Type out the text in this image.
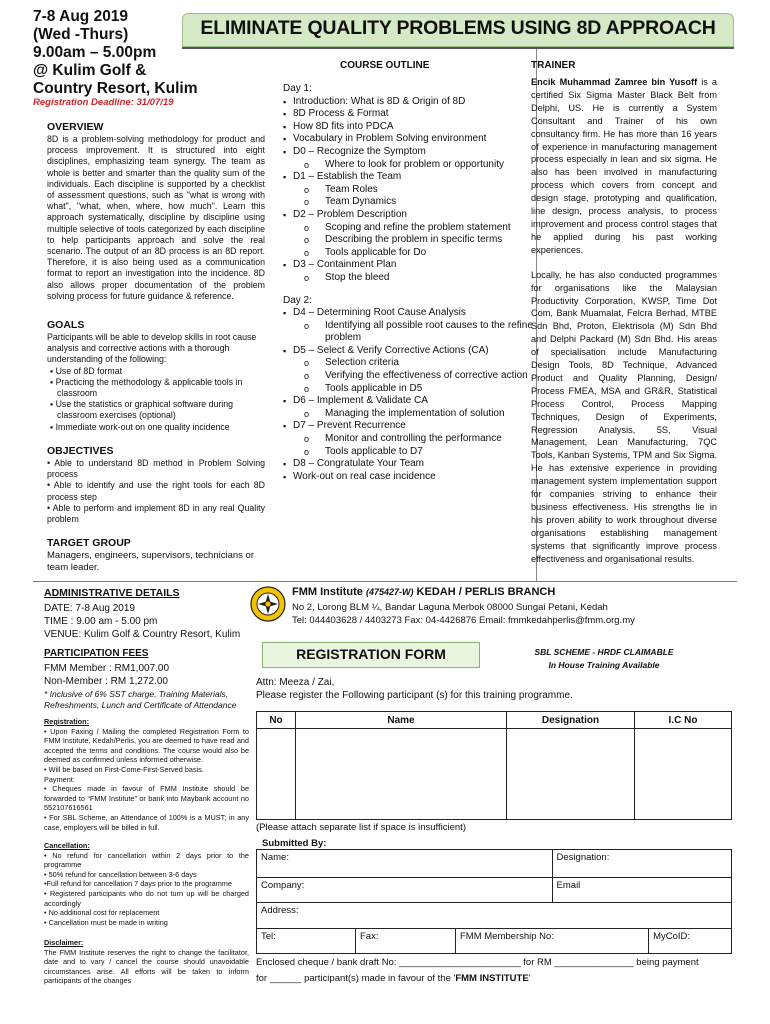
7-8 Aug 2019
(Wed -Thurs)
9.00am – 5.00pm
@ Kulim Golf &
Country Resort, Kulim
Registration Deadline: 31/07/19
ELIMINATE QUALITY PROBLEMS USING 8D APPROACH
OVERVIEW
8D is a problem-solving methodology for product and process improvement. It is structured into eight disciplines, emphasizing team synergy. The team as whole is better and smarter than the quality sum of the individuals. Each discipline is supported by a checklist of assessment questions, such as "what is wrong with what", "what, when, where, how much". Learn this approach systematically, discipline by discipline using multiple selective of tools categorized by each discipline to help participants approach and solve the real scenario. The output of an 8D process is an 8D report. Therefore, it is also being used as a communication format to report an investigation into the incidence. 8D also allows proper documentation of the problem solving process for future guidance & reference.
GOALS
Participants will be able to develop skills in root cause analysis and corrective actions with a thorough understanding of the following:
▪ Use of 8D format
▪ Practicing the methodology & applicable tools in classroom
▪ Use the statistics or graphical software during classroom exercises (optional)
▪ Immediate work-out on one quality incidence
OBJECTIVES
• Able to understand 8D method in Problem Solving process
• Able to identify and use the right tools for each 8D process step
• Able to perform and implement 8D in any real Quality problem
TARGET GROUP
Managers, engineers, supervisors, technicians or team leader.
COURSE OUTLINE
Day 1:
▪ Introduction: What is 8D & Origin of 8D
▪ 8D Process & Format
▪ How 8D fits into PDCA
▪ Vocabulary in Problem Solving environment
▪ D0 – Recognize the Symptom
o Where to look for problem or opportunity
▪ D1 – Establish the Team
o Team Roles
o Team Dynamics
▪ D2 – Problem Description
o Scoping and refine the problem statement
o Describing the problem in specific terms
o Tools applicable for Do
▪ D3 – Containment Plan
o Stop the bleed
Day 2:
▪ D4 – Determining Root Cause Analysis
o Identifying all possible root causes to the refine problem
▪ D5 – Select & Verify Corrective Actions (CA)
o Selection criteria
o Verifying the effectiveness of corrective action
o Tools applicable in D5
▪ D6 – Implement & Validate CA
o Managing the implementation of solution
▪ D7 – Prevent Recurrence
o Monitor and controlling the performance
o Tools applicable to D7
▪ D8 – Congratulate Your Team
▪ Work-out on real case incidence
TRAINER

Encik Muhammad Zamree bin Yusoff is a certified Six Sigma Master Black Belt from Delphi, US. He is currently a System Consultant and Trainer of his own consultancy firm. He has more than 16 years of experience in manufacturing management process especially in lean and six sigma. He also has been involved in manufacturing process which covers from concept and design stage, prototyping and qualification, line design, process analysis, to process improvement and process control stages that he applied during his past working experiences.

Locally, he has also conducted programmes for organisations like the Malaysian Productivity Corporation, KWSP, Time Dot Com, Bank Muamalat, Felcra Berhad, MTBE Sdn Bhd, Proton, Elektrisola (M) Sdn Bhd and Delphi Packard (M) Sdn Bhd. His areas of specialisation include Manufacturing Design Tools, 8D Technique, Advanced Product and Quality Planning, Design/ Process FMEA, MSA and GR&R, Statistical Process Control, Process Mapping Techniques, Design of Experiments, Regression Analysis, 5S, Visual Management, Lean Manufacturing, 7QC Tools, Kanban Systems, TPM and Six Sigma. He has extensive experience in providing management system implementation support for companies striving to enhance their business effectiveness. His strengths lie in his proven ability to work throughout diverse organisations establishing management systems that significantly improve process effectiveness and organisational results.

ADMINISTRATIVE DETAILS
DATE: 7-8 Aug 2019
TIME : 9.00 am - 5.00 pm
VENUE: Kulim Golf & Country Resort, Kulim
PARTICIPATION FEES
FMM Member : RM1,007.00
Non-Member : RM 1,272.00
* Inclusive of 6% SST charge, Training Materials, Refreshments, Lunch and Certificate of Attendance
Registration:
• Upon Faxing / Mailing the completed Registration Form to FMM Institute, Kedah/Perlis, you are deemed to have read and accepted the terms and conditions. The course would also be deemed as confirmed unless informed otherwise.
• Will be based on First-Come-First-Served basis.
Payment:
• Cheques made in favour of FMM Institute should be forwarded to “FMM Institute” or bank into Maybank account no 552107616561
• For SBL Scheme, an Attendance of 100% is a MUST; in any case, employers will be billed in full.
Cancellation:
• No refund for cancellation within 2 days prior to the programme
• 50% refund for cancellation between 3-6 days
•Full refund for cancellation 7 days prior to the programme
• Registered participants who do not turn up will be charged accordingly
• No additional cost for replacement
• Cancellation must be made in writing
Disclaimer:
The FMM Institute reserves the right to change the facilitator, date and to vary / cancel the course should unavoidable circumstances arise. All efforts will be taken to inform participants of the changes
FMM Institute (475427-W) KEDAH / PERLIS BRANCH
No 2, Lorong BLM ¼, Bandar Laguna Merbok 08000 Sungai Petani, Kedah
Tel: 044403628 / 4403273 Fax: 04-4426876 Email: fmmkedahperlis@fmm.org.my
REGISTRATION FORM	SBL SCHEME - HRDF CLAIMABLE
In House Training Available
Attn: Meeza / Zai,
Please register the Following participant (s) for this training programme.
No	Name	Designation	I.C No

(Please attach separate list if space is insufficient)
Submitted By:
Name:			Designation:	
Company:			Email	
Address:				
Tel:	Fax:	FMM Membership No:		MyCoID:
Enclosed cheque / bank draft No: _______________________ for RM _______________ being payment
for ______ participant(s) made in favour of the 'FMM INSTITUTE'
